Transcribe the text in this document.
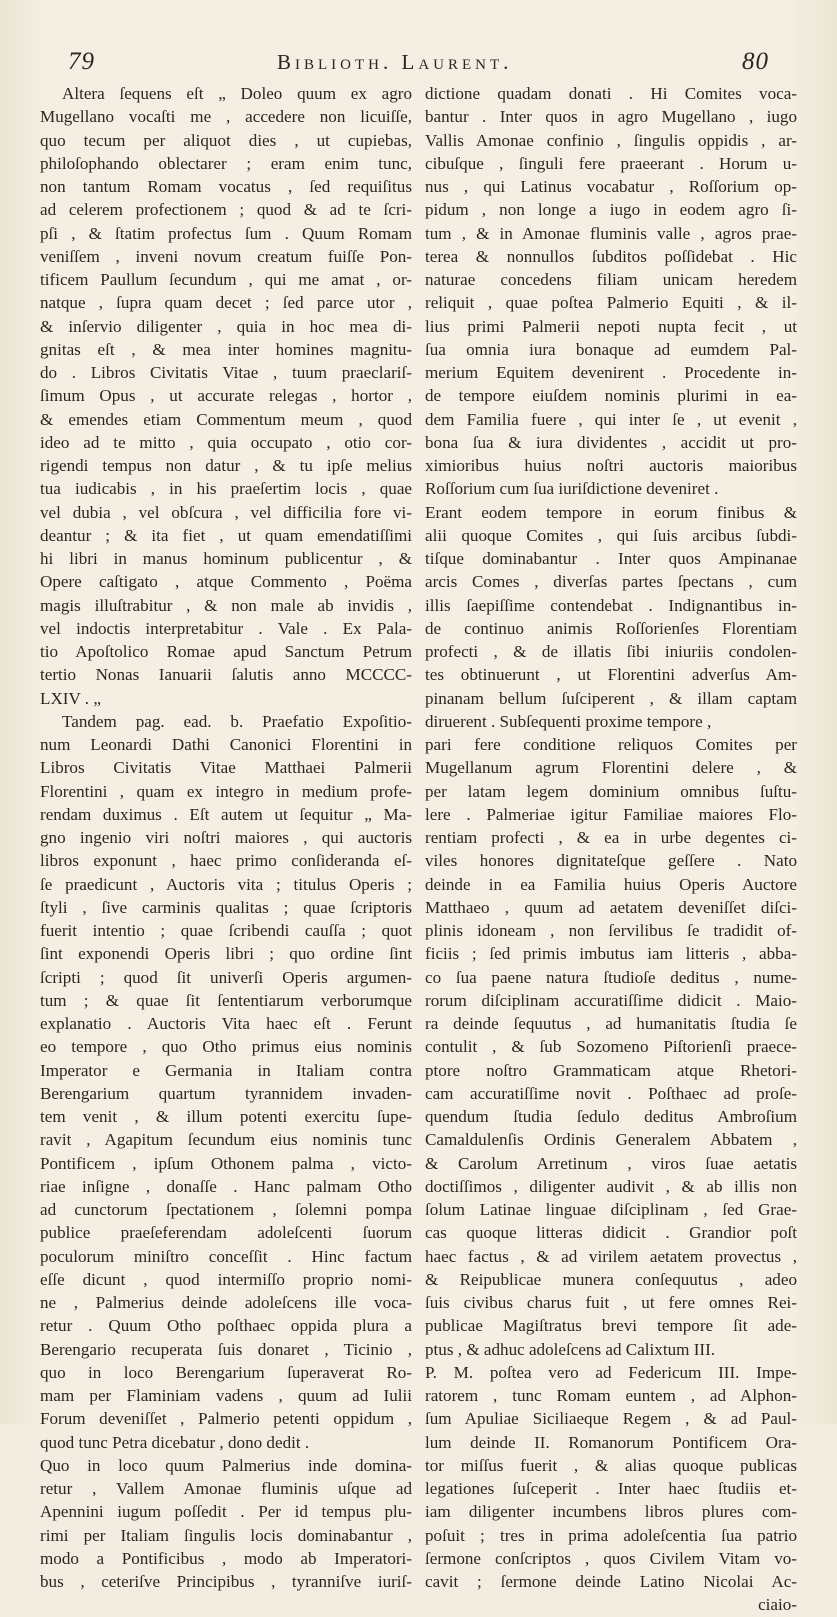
79	Biblioth. Laurent.	80
Altera ſequens eſt „ Doleo quum ex agro
Mugellano vocaſti me , accedere non licuiſſe,
quo tecum per aliquot dies , ut cupiebas,
philoſophando oblectarer ; eram enim tunc,
non tantum Romam vocatus , ſed requiſitus
ad celerem profectionem ; quod & ad te ſcri-
pſi , & ſtatim profectus ſum . Quum Romam
veniſſem , inveni novum creatum fuiſſe Pon-
tificem Paullum ſecundum , qui me amat , or-
natque , ſupra quam decet ; ſed parce utor ,
& inſervio diligenter , quia in hoc mea di-
gnitas eſt , & mea inter homines magnitu-
do . Libros Civitatis Vitae , tuum praeclariſ-
ſimum Opus , ut accurate relegas , hortor ,
& emendes etiam Commentum meum , quod
ideo ad te mitto , quia occupato , otio cor-
rigendi tempus non datur , & tu ipſe melius
tua iudicabis , in his praeſertim locis , quae
vel dubia , vel obſcura , vel difficilia fore vi-
deantur ; & ita fiet , ut quam emendatiſſimi
hi libri in manus hominum publicentur , &
Opere caſtigato , atque Commento , Poëma
magis illuſtrabitur , & non male ab invidis ,
vel indoctis interpretabitur . Vale . Ex Pala-
tio Apoſtolico Romae apud Sanctum Petrum
tertio Nonas Ianuarii ſalutis anno MCCCC-
LXIV . „
Tandem pag. ead. b. Praefatio Expoſitio-
num Leonardi Dathi Canonici Florentini in
Libros Civitatis Vitae Matthaei Palmerii
Florentini , quam ex integro in medium profe-
rendam duximus . Eſt autem ut ſequitur „ Ma-
gno ingenio viri noſtri maiores , qui auctoris
libros exponunt , haec primo conſideranda eſ-
ſe praedicunt , Auctoris vita ; titulus Operis ;
ſtyli , ſive carminis qualitas ; quae ſcriptoris
fuerit intentio ; quae ſcribendi cauſſa ; quot
ſint exponendi Operis libri ; quo ordine ſint
ſcripti ; quod ſit univerſi Operis argumen-
tum ; & quae ſit ſententiarum verborumque
explanatio . Auctoris Vita haec eſt . Ferunt
eo tempore , quo Otho primus eius nominis
Imperator e Germania in Italiam contra
Berengarium quartum tyrannidem invaden-
tem venit , & illum potenti exercitu ſupe-
ravit , Agapitum ſecundum eius nominis tunc
Pontificem , ipſum Othonem palma , victo-
riae inſigne , donaſſe . Hanc palmam Otho
ad cunctorum ſpectationem , ſolemni pompa
publice praeſeferendam adoleſcenti ſuorum
poculorum miniſtro conceſſit . Hinc factum
eſſe dicunt , quod intermiſſo proprio nomi-
ne , Palmerius deinde adoleſcens ille voca-
retur . Quum Otho poſthaec oppida plura a
Berengario recuperata ſuis donaret , Ticinio ,
quo in loco Berengarium ſuperaverat Ro-
mam per Flaminiam vadens , quum ad Iulii
Forum deveniſſet , Palmerio petenti oppidum ,
quod tunc Petra dicebatur , dono dedit .
Quo in loco quum Palmerius inde domina-
retur , Vallem Amonae fluminis uſque ad
Apennini iugum poſſedit . Per id tempus plu-
rimi per Italiam ſingulis locis dominabantur ,
modo a Pontificibus , modo ab Imperatori-
bus , ceteriſve Principibus , tyranniſve iuriſ-
dictione quadam donati . Hi Comites voca-
bantur . Inter quos in agro Mugellano , iugo
Vallis Amonae confinio , ſingulis oppidis , ar-
cibuſque , ſinguli fere praeerant . Horum u-
nus , qui Latinus vocabatur , Roſſorium op-
pidum , non longe a iugo in eodem agro ſi-
tum , & in Amonae fluminis valle , agros prae-
terea & nonnullos ſubditos poſſidebat . Hic
naturae concedens filiam unicam heredem
reliquit , quae poſtea Palmerio Equiti , & il-
lius primi Palmerii nepoti nupta fecit , ut
ſua omnia iura bonaque ad eumdem Pal-
merium Equitem devenirent . Procedente in-
de tempore eiuſdem nominis plurimi in ea-
dem Familia fuere , qui inter ſe , ut evenit ,
bona ſua & iura dividentes , accidit ut pro-
ximioribus huius noſtri auctoris maioribus
Roſſorium cum ſua iuriſdictione deveniret .
Erant eodem tempore in eorum finibus &
alii quoque Comites , qui ſuis arcibus ſubdi-
tiſque dominabantur . Inter quos Ampinanae
arcis Comes , diverſas partes ſpectans , cum
illis ſaepiſſime contendebat . Indignantibus in-
de continuo animis Roſſorienſes Florentiam
profecti , & de illatis ſibi iniuriis condolen-
tes obtinuerunt , ut Florentini adverſus Am-
pinanam bellum ſuſciperent , & illam captam
diruerent . Subſequenti proxime tempore ,
pari fere conditione reliquos Comites per
Mugellanum agrum Florentini delere , &
per latam legem dominium omnibus ſuſtu-
lere . Palmeriae igitur Familiae maiores Flo-
rentiam profecti , & ea in urbe degentes ci-
viles honores dignitateſque geſſere . Nato
deinde in ea Familia huius Operis Auctore
Matthaeo , quum ad aetatem deveniſſet diſci-
plinis idoneam , non ſervilibus ſe tradidit of-
ficiis ; ſed primis imbutus iam litteris , abba-
co ſua paene natura ſtudioſe deditus , nume-
rorum diſciplinam accuratiſſime didicit . Maio-
ra deinde ſequutus , ad humanitatis ſtudia ſe
contulit , & ſub Sozomeno Piſtorienſi praece-
ptore noſtro Grammaticam atque Rhetori-
cam accuratiſſime novit . Poſthaec ad proſe-
quendum ſtudia ſedulo deditus Ambroſium
Camaldulenſis Ordinis Generalem Abbatem ,
& Carolum Arretinum , viros ſuae aetatis
doctiſſimos , diligenter audivit , & ab illis non
ſolum Latinae linguae diſciplinam , ſed Grae-
cas quoque litteras didicit . Grandior poſt
haec factus , & ad virilem aetatem provectus ,
& Reipublicae munera conſequutus , adeo
ſuis civibus charus fuit , ut fere omnes Rei-
publicae Magiſtratus brevi tempore ſit ade-
ptus , & adhuc adoleſcens ad Calixtum III.
P. M. poſtea vero ad Federicum III. Impe-
ratorem , tunc Romam euntem , ad Alphon-
ſum Apuliae Siciliaeque Regem , & ad Paul-
lum deinde II. Romanorum Pontificem Ora-
tor miſſus fuerit , & alias quoque publicas
legationes ſuſceperit . Inter haec ſtudiis et-
iam diligenter incumbens libros plures com-
poſuit ; tres in prima adoleſcentia ſua patrio
ſermone conſcriptos , quos Civilem Vitam vo-
cavit ; ſermone deinde Latino Nicolai Ac-
ciaio-
